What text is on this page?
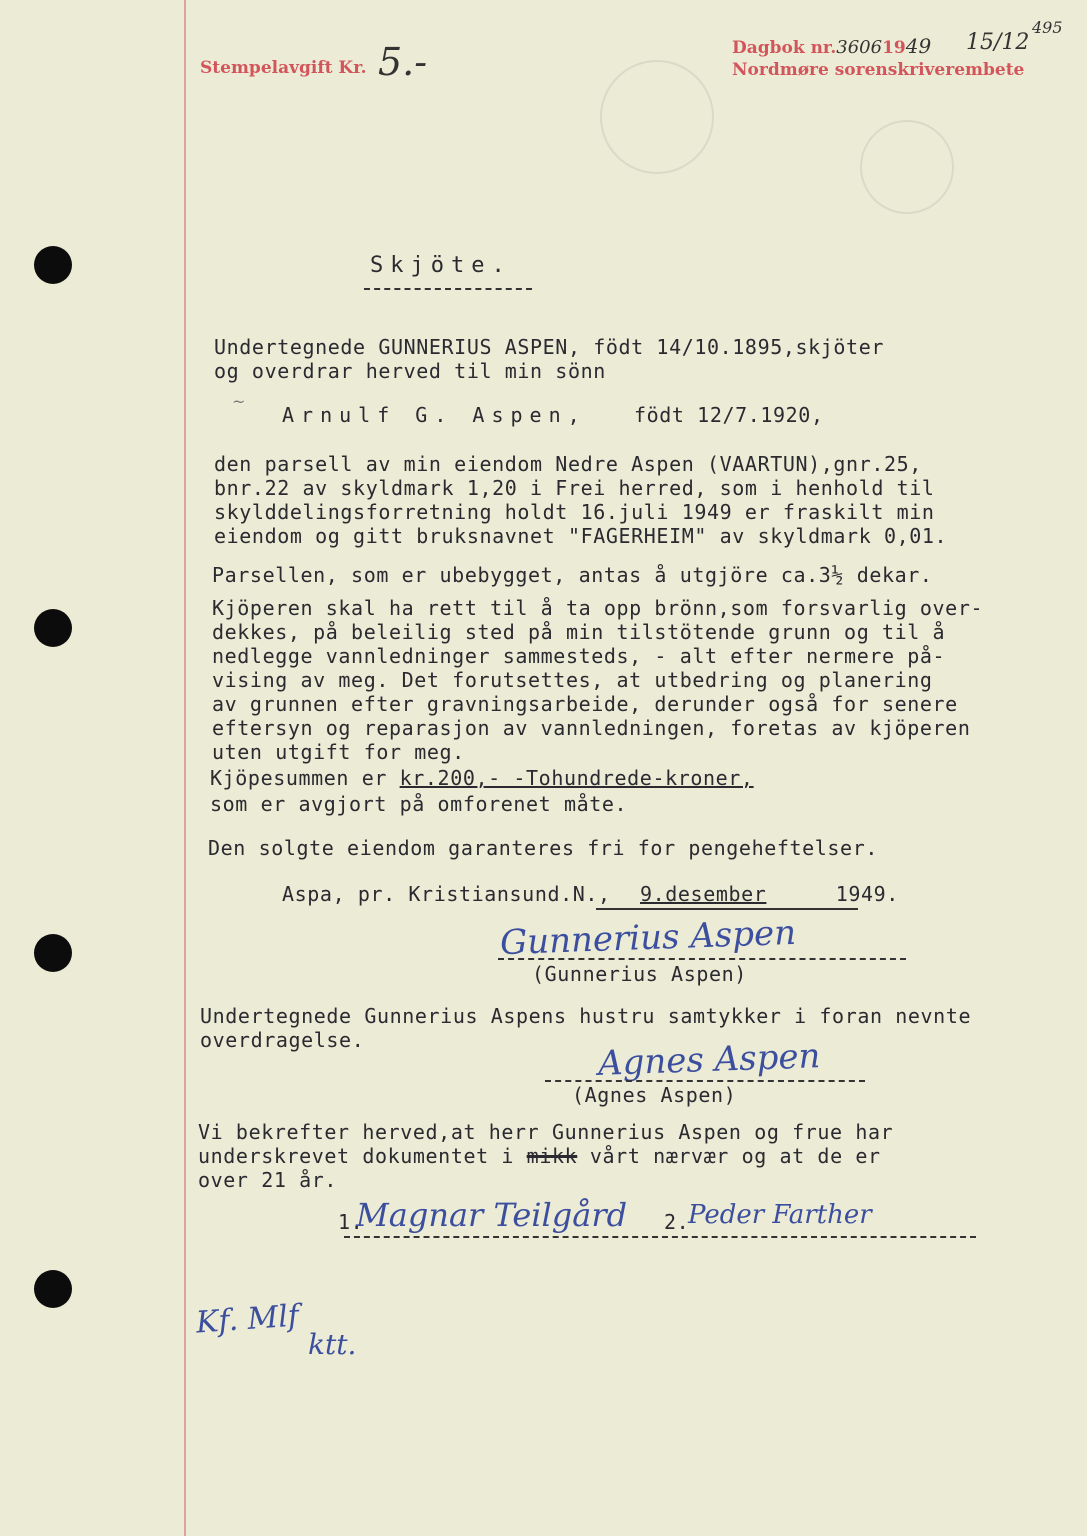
Stempelavgift Kr. 5.-	Dagbok nr.36061949 15/12
Nordmøre sorenskriverembete
495
Skjöte.
Undertegnede GUNNERIUS ASPEN, födt 14/10.1895,skjöter
og overdrar herved til min sönn
~
Arnulf G. Aspen, födt 12/7.1920,
den parsell av min eiendom Nedre Aspen (VAARTUN),gnr.25,
bnr.22 av skyldmark 1,20 i Frei herred, som i henhold til
skylddelingsforretning holdt 16.juli 1949 er fraskilt min
eiendom og gitt bruksnavnet "FAGERHEIM" av skyldmark 0,01.
Parsellen, som er ubebygget, antas å utgjöre ca.3½ dekar.
Kjöperen skal ha rett til å ta opp brönn,som forsvarlig over-
dekkes, på beleilig sted på min tilstötende grunn og til å
nedlegge vannledninger sammesteds, - alt efter nermere på-
vising av meg. Det forutsettes, at utbedring og planering
av grunnen efter gravningsarbeide, derunder også for senere
eftersyn og reparasjon av vannledningen, foretas av kjöperen
uten utgift for meg.
Kjöpesummen er kr.200,- -Tohundrede-kroner,
som er avgjort på omforenet måte.
Den solgte eiendom garanteres fri for pengeheftelser.
Aspa, pr. Kristiansund.N., 9.desember	1949.
Gunnerius Aspen
(Gunnerius Aspen)
Undertegnede Gunnerius Aspens hustru samtykker i foran nevnte
overdragelse.	Agnes Aspen
(Agnes Aspen)
Vi bekrefter herved,at herr Gunnerius Aspen og frue har
underskrevet dokumentet i mikk vårt nærvær og at de er
over 21 år.
1.
Magnar Teilgård 2.
Peder Farther
Kf. Mlf
ktt.
